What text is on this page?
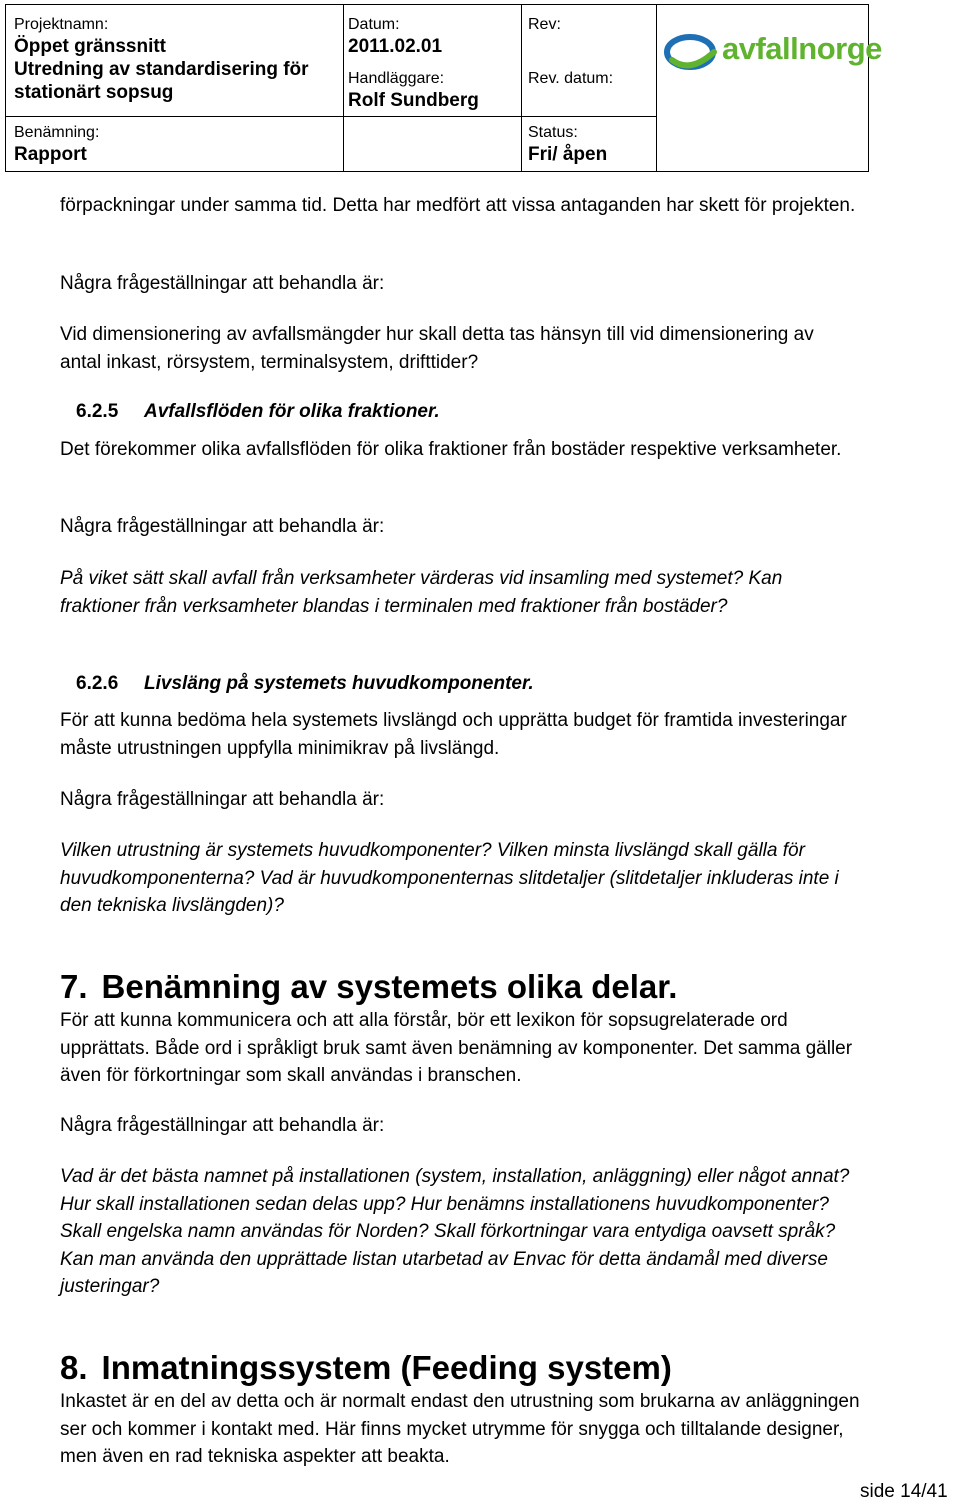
Projektnamn:
Öppet gränssnitt
Utredning av standardisering för
stationärt sopsug
Datum:
2011.02.01
Handläggare:
Rolf Sundberg
Rev:
Rev. datum:
Benämning:
Rapport
Status:
Fri/ åpen
avfallnorge

förpackningar under samma tid. Detta har medfört att vissa antaganden har skett för projekten.

Några frågeställningar att behandla är:

Vid dimensionering av avfallsmängder hur skall detta tas hänsyn till vid dimensionering av antal inkast, rörsystem, terminalsystem, drifttider?

6.2.5 Avfallsflöden för olika fraktioner.

Det förekommer olika avfallsflöden för olika fraktioner från bostäder respektive verksamheter.

Några frågeställningar att behandla är:

På viket sätt skall avfall från verksamheter värderas vid insamling med systemet? Kan fraktioner från verksamheter blandas i terminalen med fraktioner från bostäder?

6.2.6 Livsläng på systemets huvudkomponenter.

För att kunna bedöma hela systemets livslängd och upprätta budget för framtida investeringar måste utrustningen uppfylla minimikrav på livslängd.

Några frågeställningar att behandla är:

Vilken utrustning är systemets huvudkomponenter? Vilken minsta livslängd skall gälla för huvudkomponenterna? Vad är huvudkomponenternas slitdetaljer (slitdetaljer inkluderas inte i den tekniska livslängden)?

7. Benämning av systemets olika delar.

För att kunna kommunicera och att alla förstår, bör ett lexikon för sopsugrelaterade ord upprättats. Både ord i språkligt bruk samt även benämning av komponenter. Det samma gäller även för förkortningar som skall användas i branschen.

Några frågeställningar att behandla är:

Vad är det bästa namnet på installationen (system, installation, anläggning) eller något annat? Hur skall installationen sedan delas upp? Hur benämns installationens huvudkomponenter? Skall engelska namn användas för Norden? Skall förkortningar vara entydiga oavsett språk? Kan man använda den upprättade listan utarbetad av Envac för detta ändamål med diverse justeringar?

8. Inmatningssystem (Feeding system)

Inkastet är en del av detta och är normalt endast den utrustning som brukarna av anläggningen ser och kommer i kontakt med. Här finns mycket utrymme för snygga och tilltalande designer, men även en rad tekniska aspekter att beakta.

side 14/41
